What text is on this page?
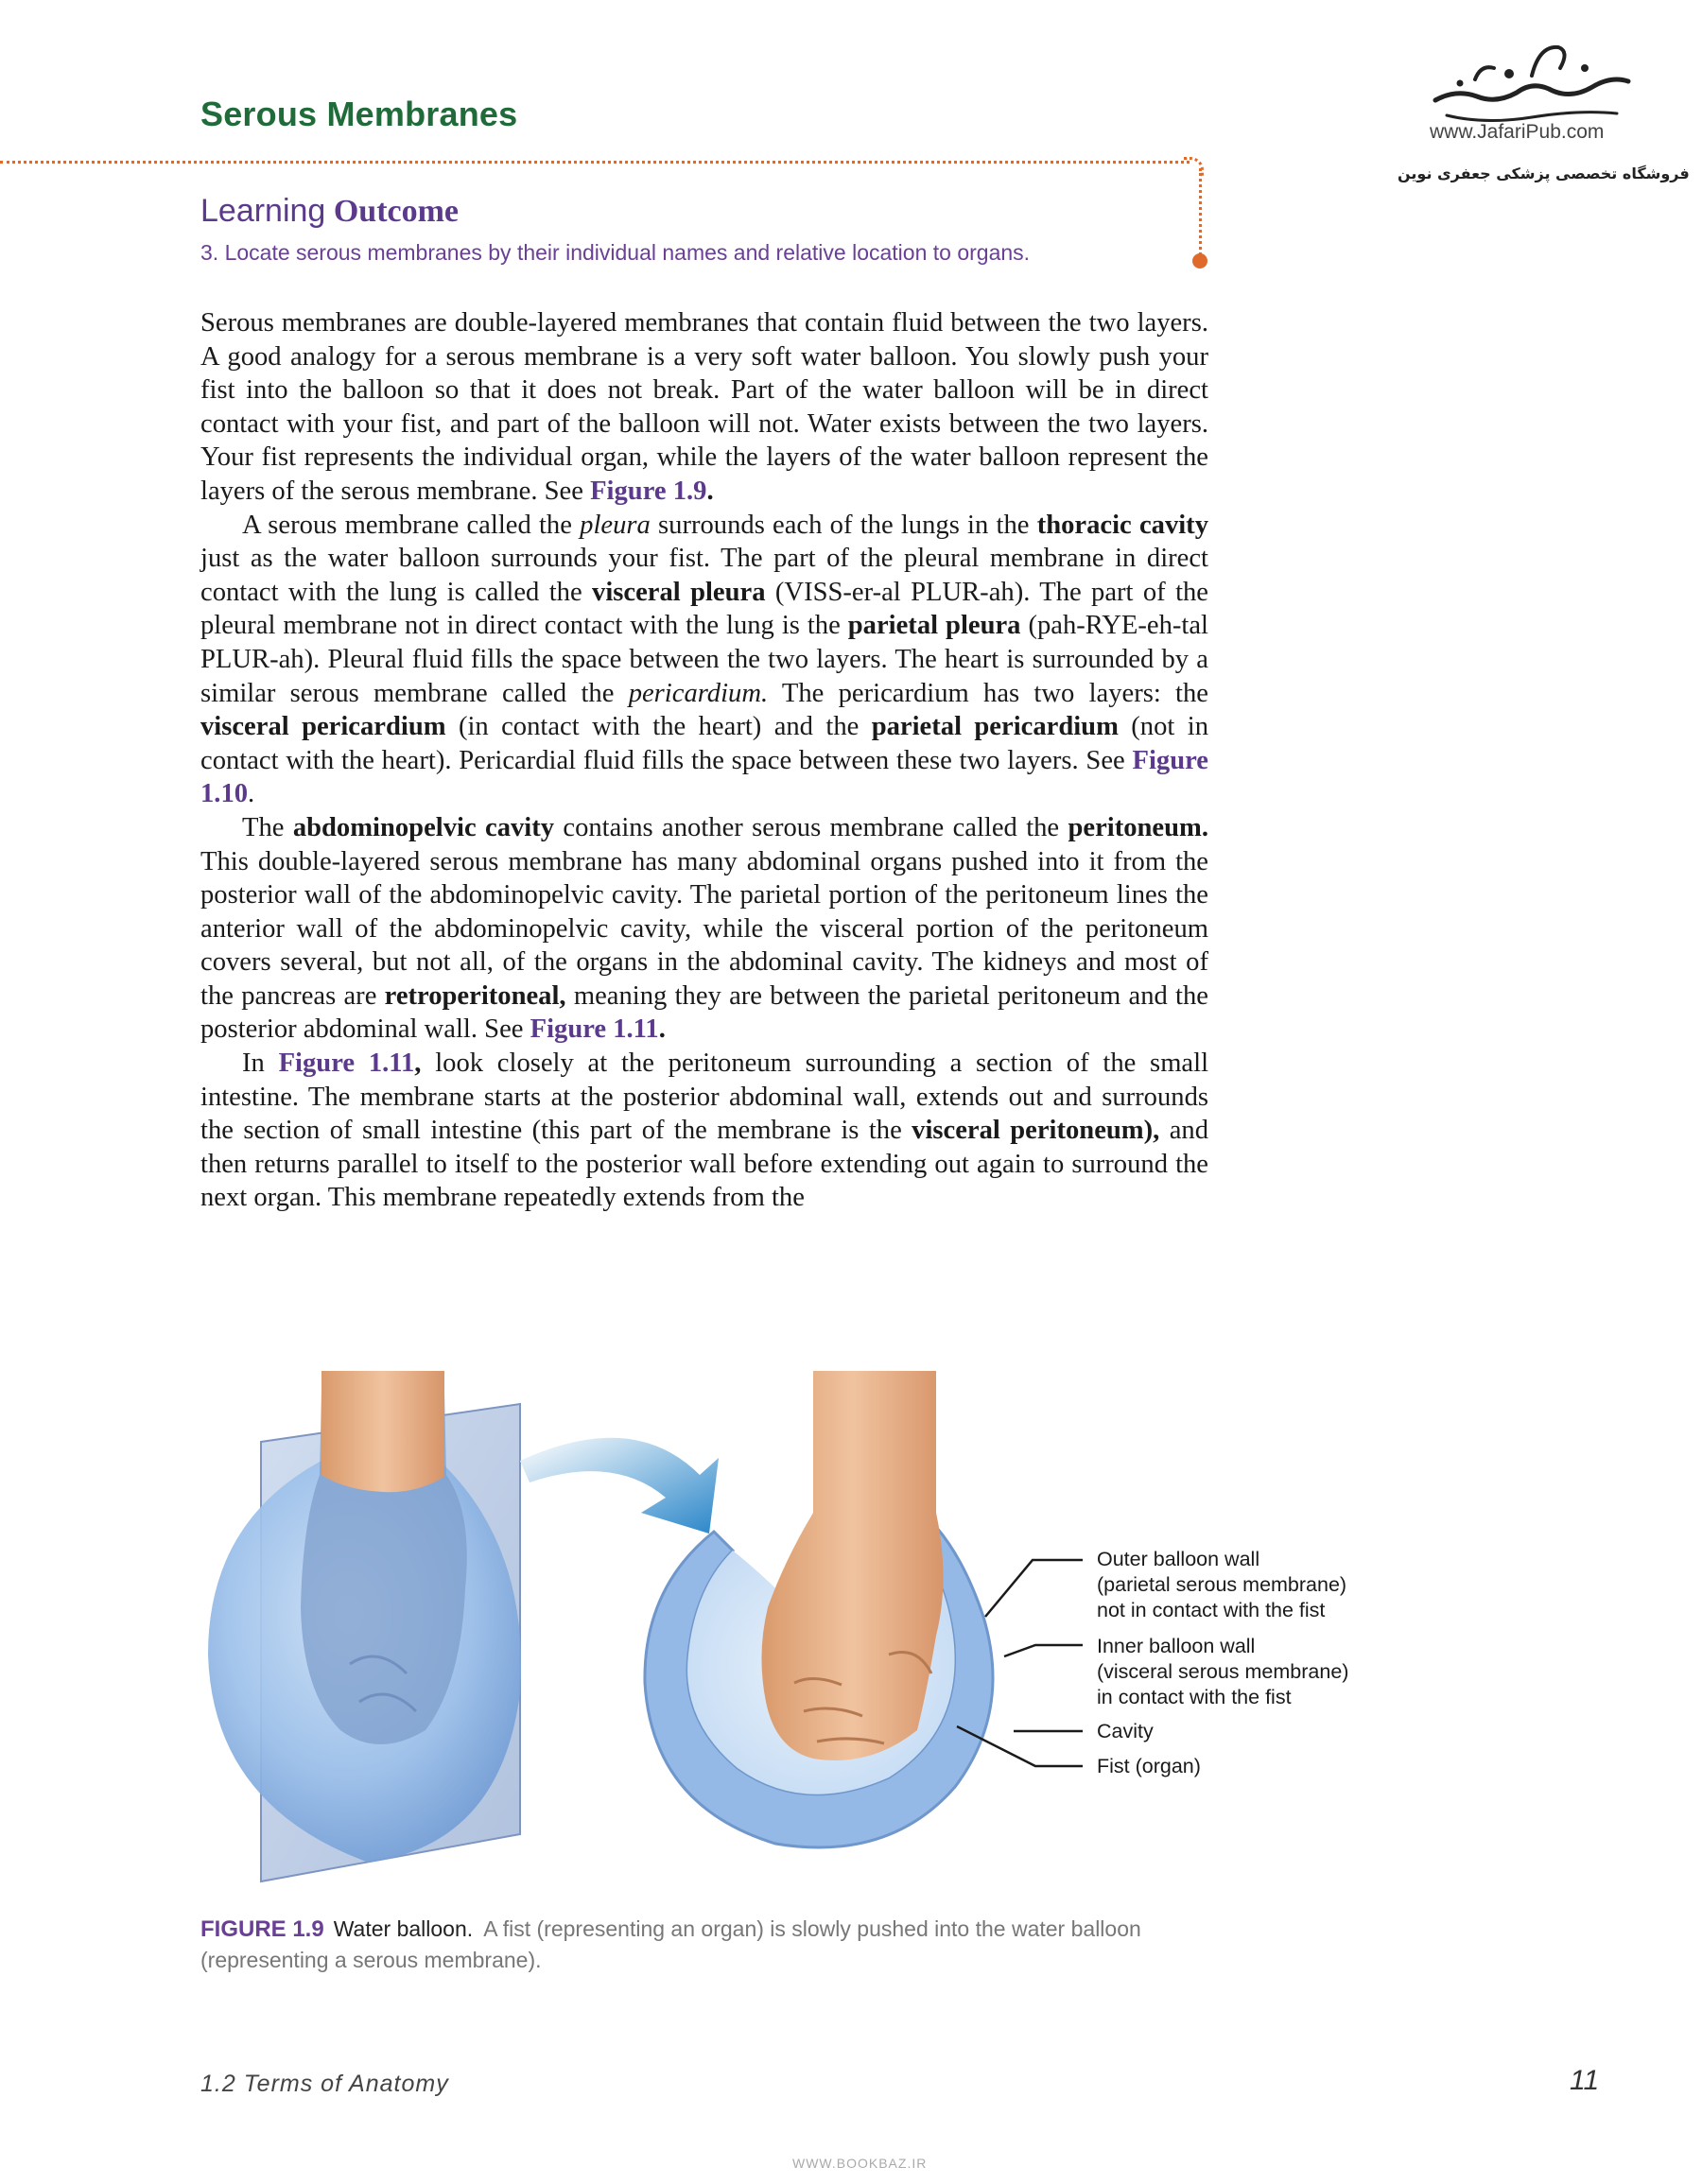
Serous Membranes
Learning Outcome
3. Locate serous membranes by their individual names and relative location to organs.
www.JafariPub.com
فروشگاه تخصصی پزشکی جعفری نوین

Serous membranes are double-layered membranes that contain fluid between the two layers. A good analogy for a serous membrane is a very soft water balloon. You slowly push your fist into the balloon so that it does not break. Part of the water balloon will be in direct contact with your fist, and part of the balloon will not. Water exists between the two layers. Your fist represents the individual organ, while the layers of the water balloon represent the layers of the serous membrane. See Figure 1.9.

A serous membrane called the pleura surrounds each of the lungs in the thoracic cavity just as the water balloon surrounds your fist. The part of the pleural membrane in direct contact with the lung is called the visceral pleura (VISS-er-al PLUR-ah). The part of the pleural membrane not in direct contact with the lung is the parietal pleura (pah-RYE-eh-tal PLUR-ah). Pleural fluid fills the space between the two layers. The heart is surrounded by a similar serous membrane called the pericardium. The pericardium has two layers: the visceral pericardium (in contact with the heart) and the parietal pericardium (not in contact with the heart). Pericardial fluid fills the space between these two layers. See Figure 1.10.

The abdominopelvic cavity contains another serous membrane called the peritoneum. This double-layered serous membrane has many abdominal organs pushed into it from the posterior wall of the abdominopelvic cavity. The parietal portion of the peritoneum lines the anterior wall of the abdominopelvic cavity, while the visceral portion of the peritoneum covers several, but not all, of the organs in the abdominal cavity. The kidneys and most of the pancreas are retroperitoneal, meaning they are between the parietal peritoneum and the posterior abdominal wall. See Figure 1.11.

In Figure 1.11, look closely at the peritoneum surrounding a section of the small intestine. The membrane starts at the posterior abdominal wall, extends out and surrounds the section of small intestine (this part of the membrane is the visceral peritoneum), and then returns parallel to itself to the posterior wall before extending out again to surround the next organ. This membrane repeatedly extends from the

Outer balloon wall
(parietal serous membrane)
not in contact with the fist
Inner balloon wall
(visceral serous membrane)
in contact with the fist
Cavity
Fist (organ)
FIGURE 1.9 Water balloon. A fist (representing an organ) is slowly pushed into the water balloon (representing a serous membrane).
1.2 Terms of Anatomy	11
WWW.BOOKBAZ.IR
